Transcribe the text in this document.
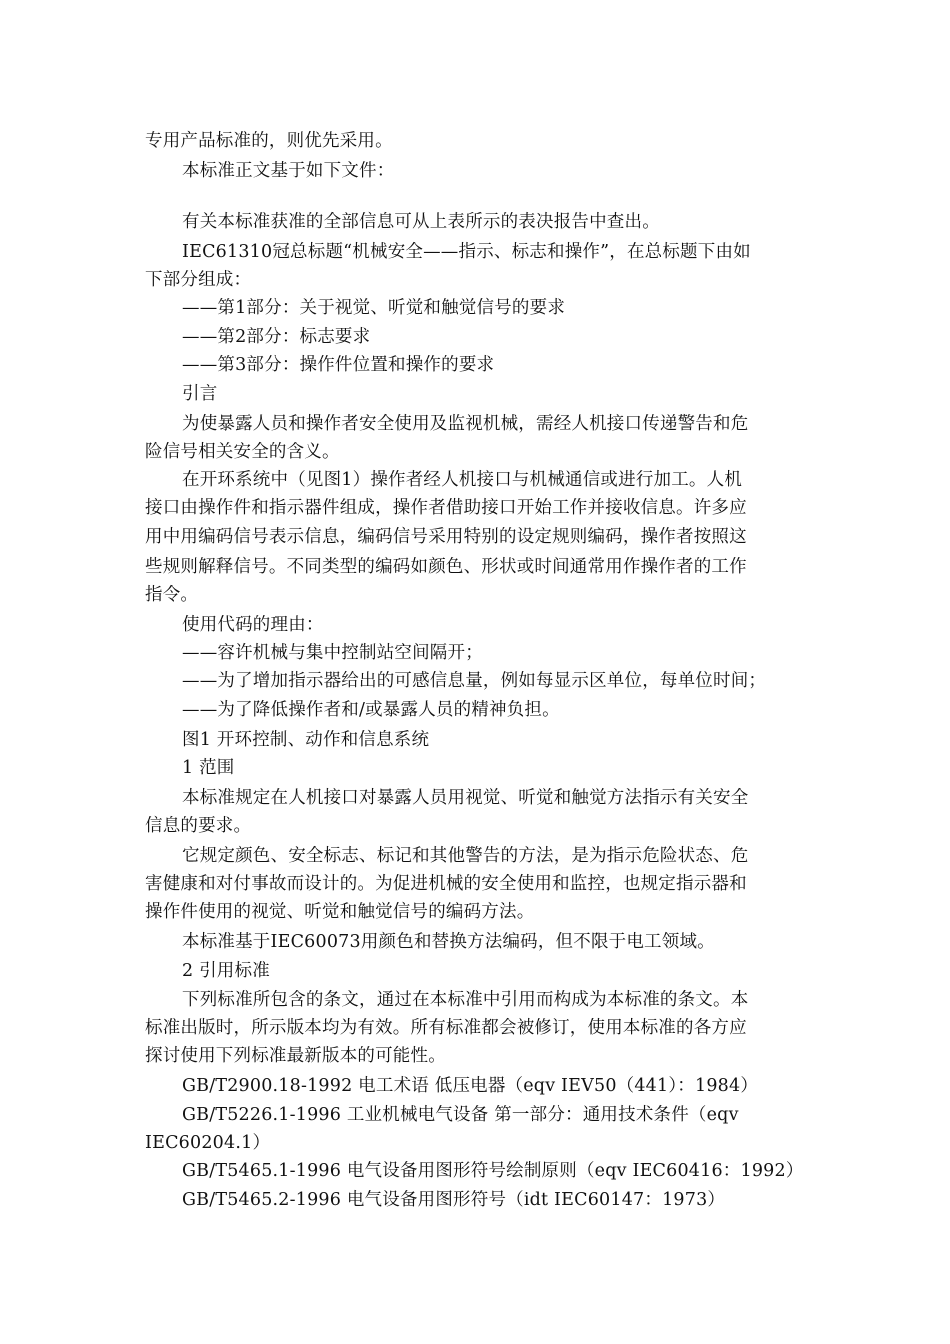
专用产品标准的，则优先采用。
本标准正文基于如下文件：
有关本标准获准的全部信息可从上表所示的表决报告中查出。
IEC61310冠总标题“机械安全——指示、标志和操作”，在总标题下由如
下部分组成：
——第1部分：关于视觉、听觉和触觉信号的要求
——第2部分：标志要求
——第3部分：操作件位置和操作的要求
引言
为使暴露人员和操作者安全使用及监视机械，需经人机接口传递警告和危
险信号相关安全的含义。
在开环系统中（见图1）操作者经人机接口与机械通信或进行加工。人机
接口由操作件和指示器件组成，操作者借助接口开始工作并接收信息。许多应
用中用编码信号表示信息，编码信号采用特别的设定规则编码，操作者按照这
些规则解释信号。不同类型的编码如颜色、形状或时间通常用作操作者的工作
指令。
使用代码的理由：
——容许机械与集中控制站空间隔开；
——为了增加指示器给出的可感信息量，例如每显示区单位，每单位时间；
——为了降低操作者和/或暴露人员的精神负担。
图1 开环控制、动作和信息系统
1 范围
本标准规定在人机接口对暴露人员用视觉、听觉和触觉方法指示有关安全
信息的要求。
它规定颜色、安全标志、标记和其他警告的方法，是为指示危险状态、危
害健康和对付事故而设计的。为促进机械的安全使用和监控，也规定指示器和
操作件使用的视觉、听觉和触觉信号的编码方法。
本标准基于IEC60073用颜色和替换方法编码，但不限于电工领域。
2 引用标准
下列标准所包含的条文，通过在本标准中引用而构成为本标准的条文。本
标准出版时，所示版本均为有效。所有标准都会被修订，使用本标准的各方应
探讨使用下列标准最新版本的可能性。
GB/T2900.18-1992 电工术语 低压电器（eqv IEV50（441）：1984）
GB/T5226.1-1996 工业机械电气设备 第一部分：通用技术条件（eqv
IEC60204.1）
GB/T5465.1-1996 电气设备用图形符号绘制原则（eqv IEC60416：1992）
GB/T5465.2-1996 电气设备用图形符号（idt IEC60147：1973）
